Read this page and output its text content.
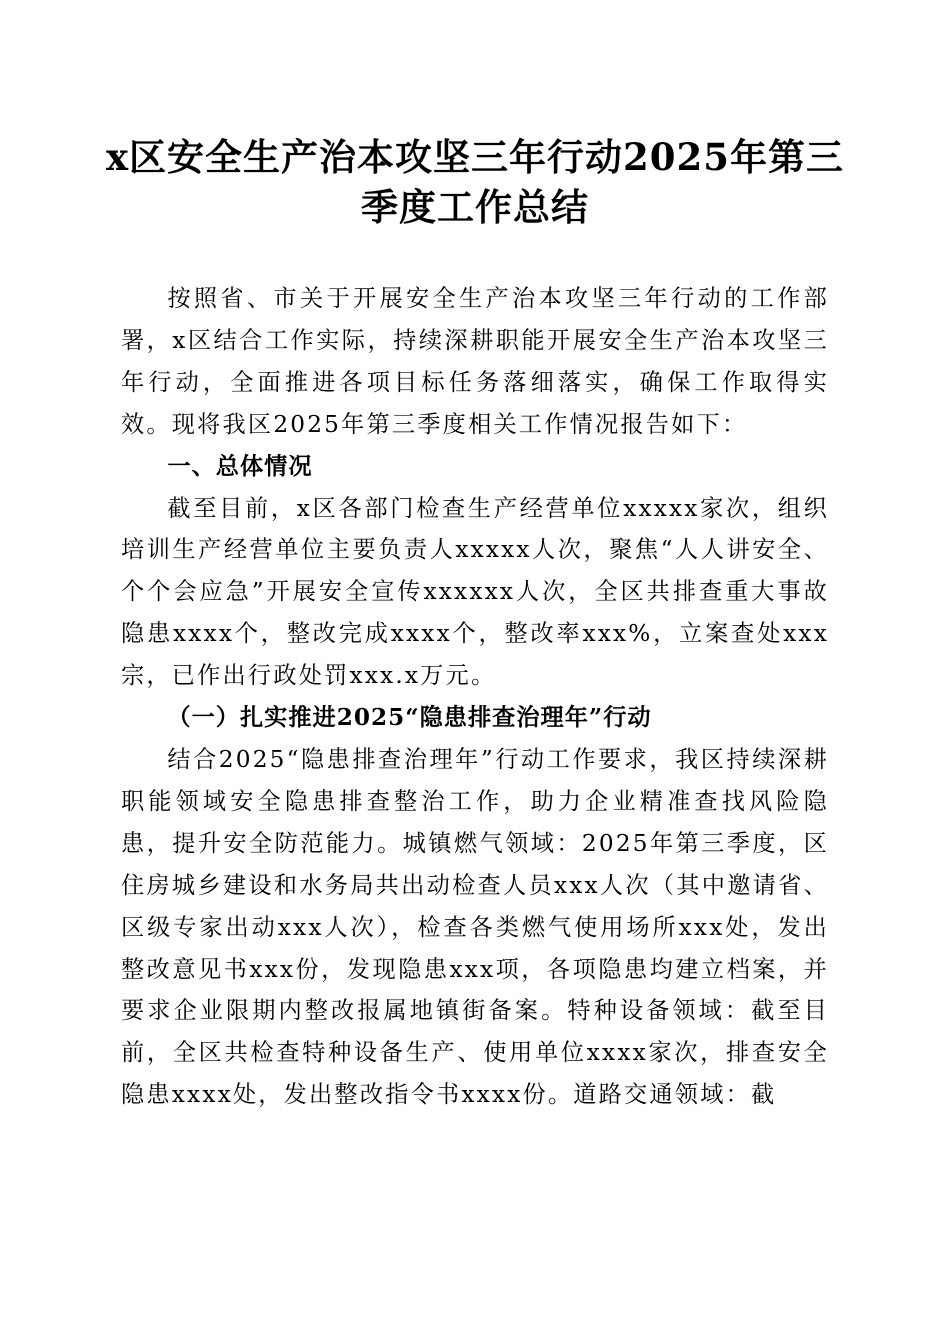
x区安全生产治本攻坚三年行动2025年第三季度工作总结

按照省、市关于开展安全生产治本攻坚三年行动的工作部署，x区结合工作实际，持续深耕职能开展安全生产治本攻坚三年行动，全面推进各项目标任务落细落实，确保工作取得实效。现将我区2025年第三季度相关工作情况报告如下：

一、总体情况

截至目前，x区各部门检查生产经营单位xxxxx家次，组织培训生产经营单位主要负责人xxxxx人次，聚焦“人人讲安全、个个会应急”开展安全宣传xxxxxx人次，全区共排查重大事故隐患xxxx个，整改完成xxxx个，整改率xxx%，立案查处xxx宗，已作出行政处罚xxx.x万元。

（一）扎实推进2025“隐患排查治理年”行动

结合2025“隐患排查治理年”行动工作要求，我区持续深耕职能领域安全隐患排查整治工作，助力企业精准查找风险隐患，提升安全防范能力。城镇燃气领域：2025年第三季度，区住房城乡建设和水务局共出动检查人员xxx人次（其中邀请省、区级专家出动xxx人次），检查各类燃气使用场所xxx处，发出整改意见书xxx份，发现隐患xxx项，各项隐患均建立档案，并要求企业限期内整改报属地镇街备案。特种设备领域：截至目前，全区共检查特种设备生产、使用单位xxxx家次，排查安全隐患xxxx处，发出整改指令书xxxx份。道路交通领域：截
